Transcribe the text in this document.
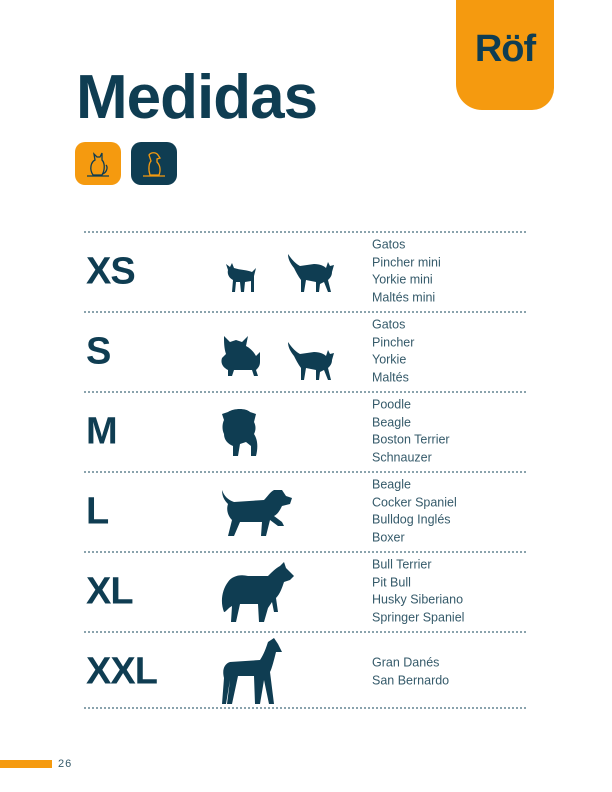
Röf
Medidas
XS
Gatos
Pincher mini
Yorkie mini
Maltés mini
S
Gatos
Pincher
Yorkie
Maltés
M
Poodle
Beagle
Boston Terrier
Schnauzer
L
Beagle
Cocker Spaniel
Bulldog Inglés
Boxer
XL
Bull Terrier
Pit Bull
Husky Siberiano
Springer Spaniel
XXL	Gran Danés
San Bernardo
26
